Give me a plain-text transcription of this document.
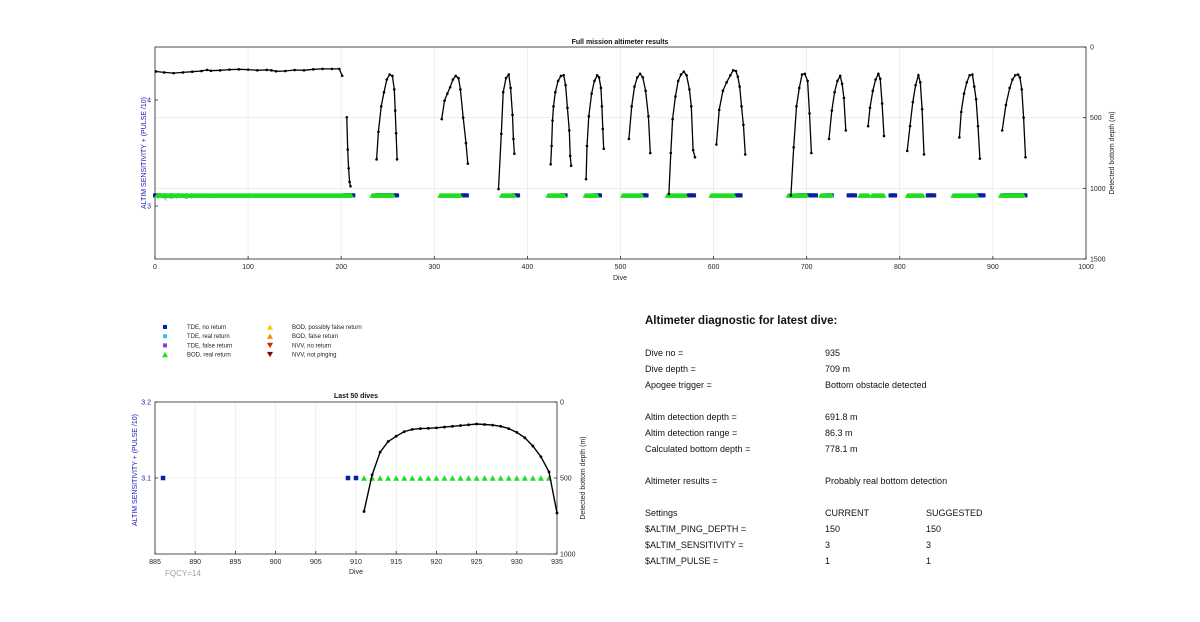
Full mission altimeter results
Dive
ALTIM SENSITIVITY + (PULSE /10)	Detected bottom depth (m)
0	100	200	300	400	500	600	700	800	900	1000
3
4
0
500
1000
1500
TDE, no return
TDE, real return
TDE, false return
BOD, real return
BOD, possibly false return
BOD, false return
NVV, no return
NVV, not pinging
Last 50 dives
Dive
ALTIM SENSITIVITY + (PULSE /10)	Detected bottom depth (m)
FQCY=14
885	890	895	900	905	910	915	920	925	930	935
3.1
3.2	0
500
1000
Altimeter diagnostic for latest dive:
Dive no =	935
Dive depth =	709 m
Apogee trigger =	Bottom obstacle detected
Altim detection depth =	691.8 m
Altim detection range =	86.3 m
Calculated bottom depth =	778.1 m
Altimeter results =	Probably real bottom detection
Settings	CURRENT	SUGGESTED
$ALTIM_PING_DEPTH =	150	150
$ALTIM_SENSITIVITY =	3	3
$ALTIM_PULSE =	1	1
